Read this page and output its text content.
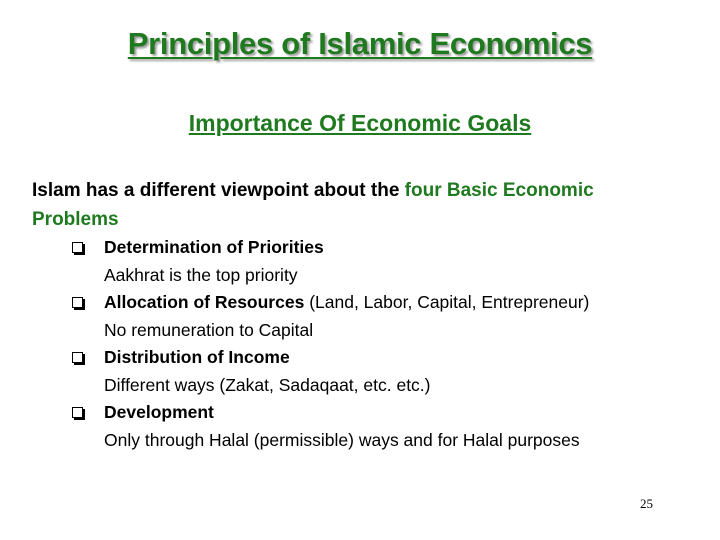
Principles of Islamic Economics
Importance Of Economic Goals
Islam has a different viewpoint about the four Basic Economic Problems
Determination of Priorities
Aakhrat is the top priority
Allocation of Resources (Land, Labor, Capital, Entrepreneur)
No remuneration to Capital
Distribution of Income
Different ways (Zakat, Sadaqaat, etc. etc.)
Development
Only through Halal (permissible) ways and for Halal purposes
25
